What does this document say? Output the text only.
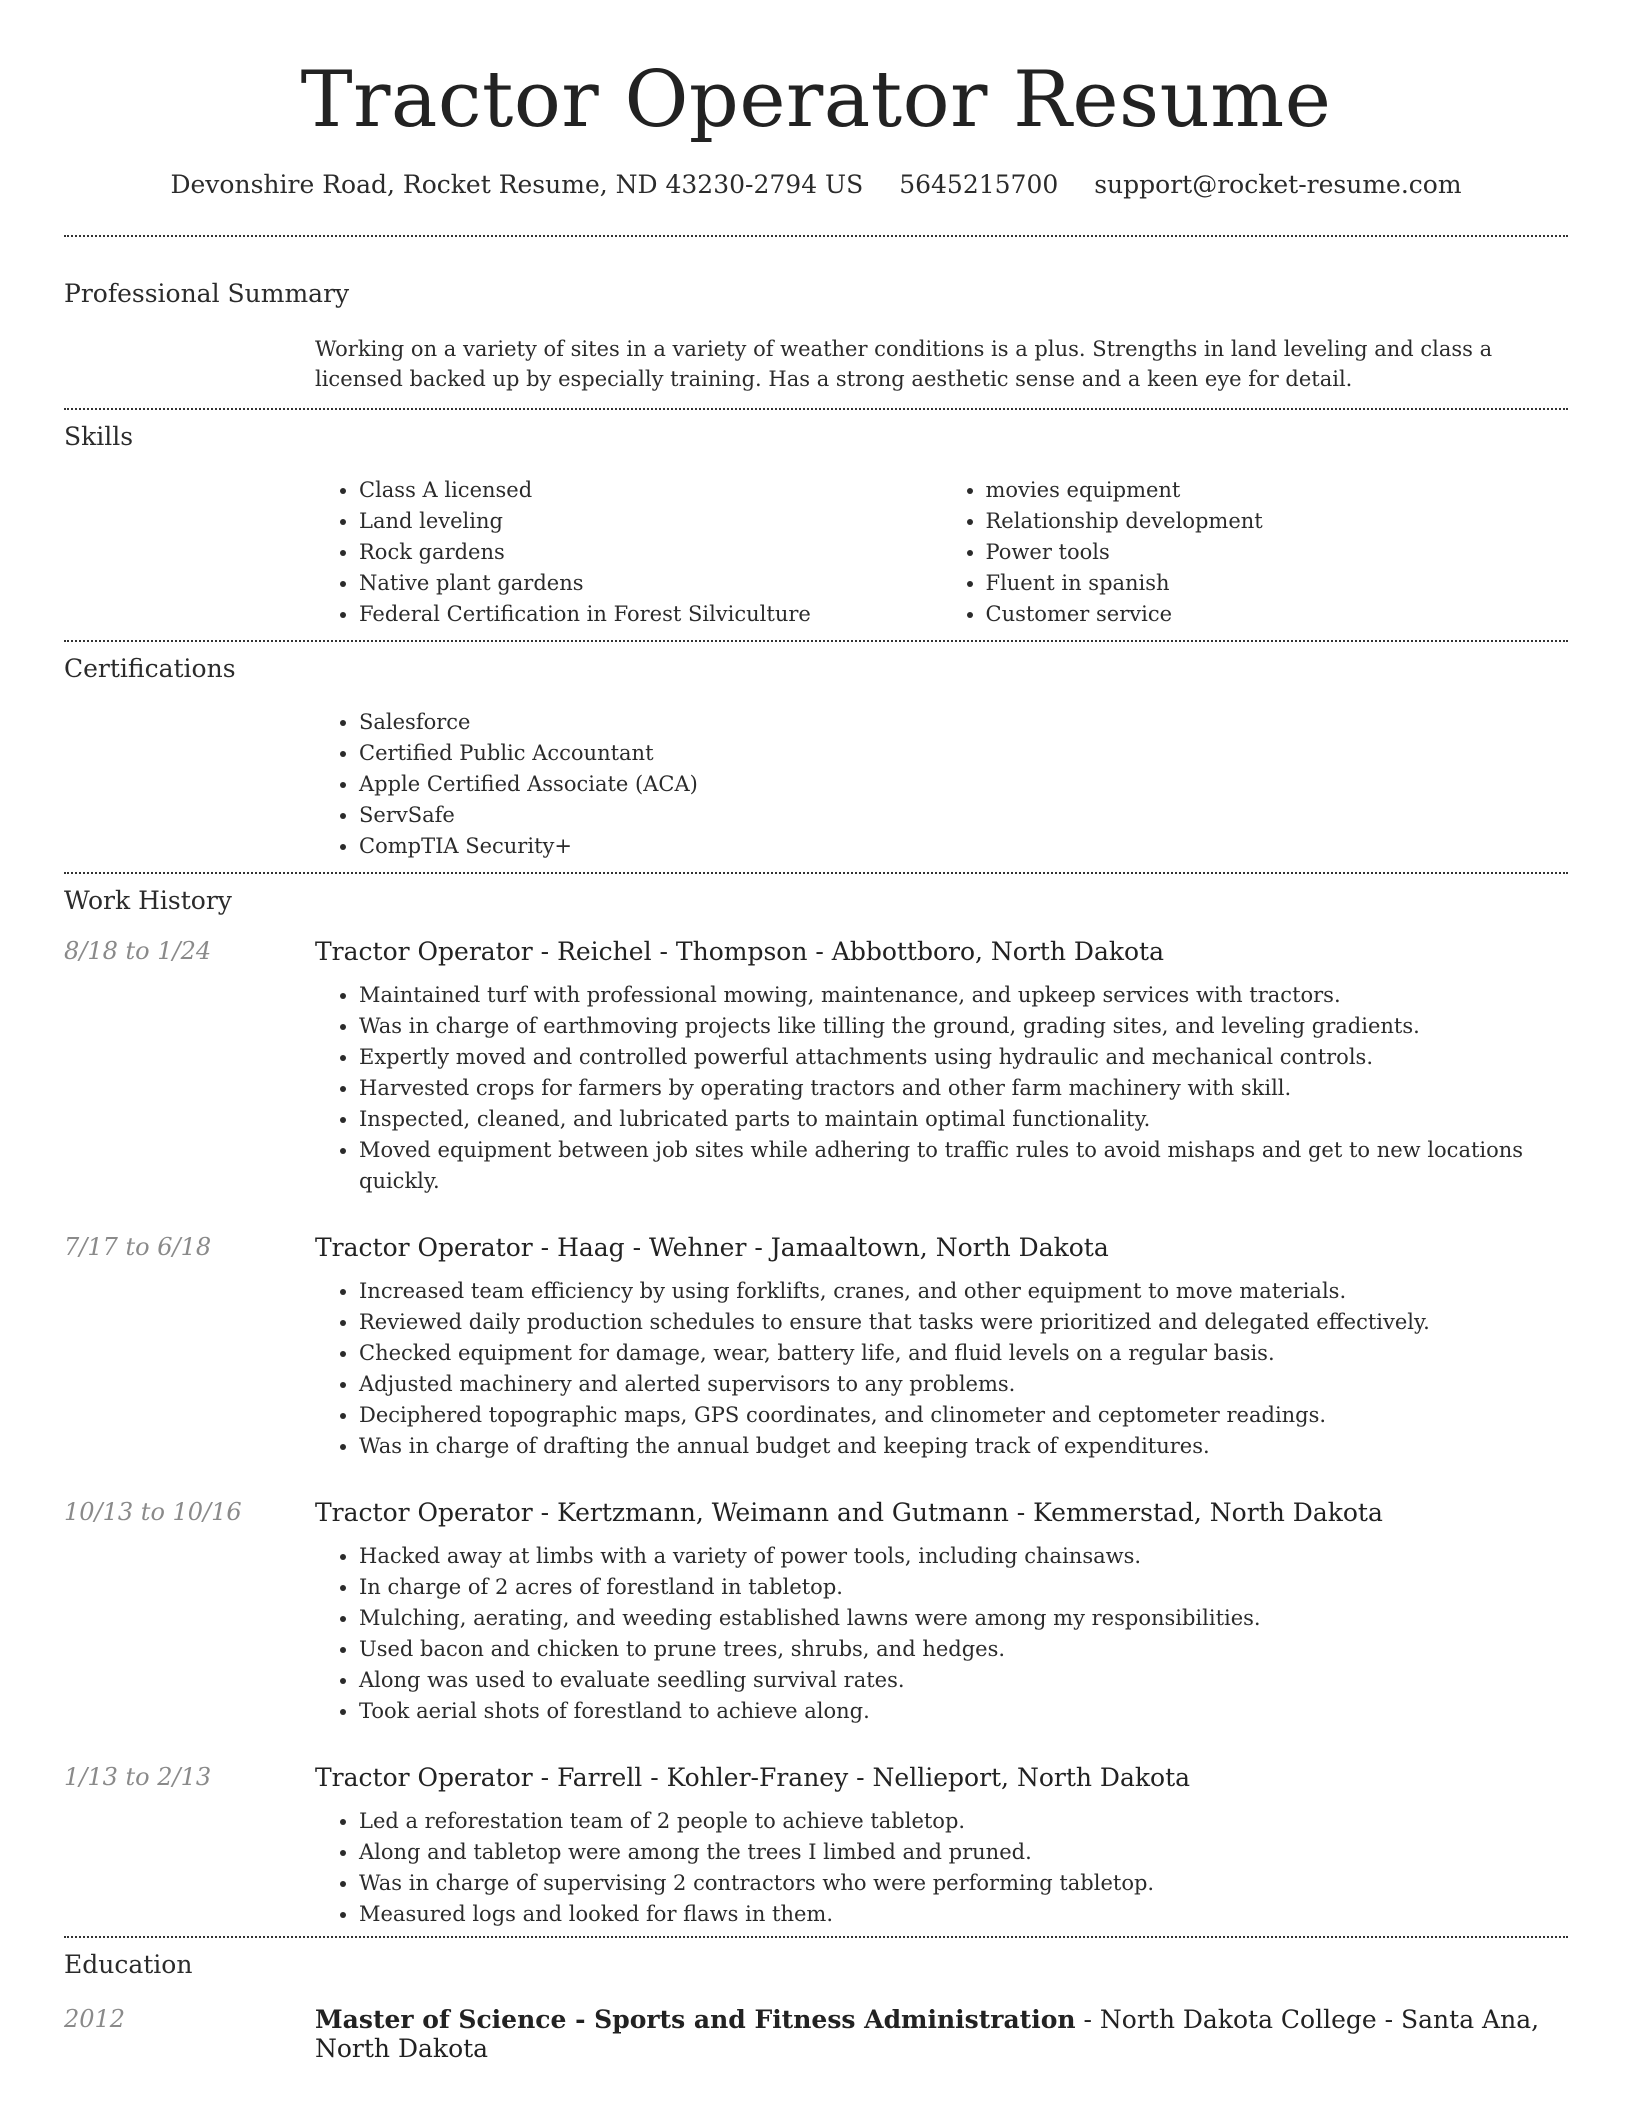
Tractor Operator Resume
Devonshire Road, Rocket Resume, ND 43230-2794 US 5645215700 support@rocket-resume.com
Professional Summary
Working on a variety of sites in a variety of weather conditions is a plus. Strengths in land leveling and class a licensed backed up by especially training. Has a strong aesthetic sense and a keen eye for detail.
Skills
• Class A licensed
• Land leveling
• Rock gardens
• Native plant gardens
• Federal Certification in Forest Silviculture
• movies equipment
• Relationship development
• Power tools
• Fluent in spanish
• Customer service
Certifications
• Salesforce
• Certified Public Accountant
• Apple Certified Associate (ACA)
• ServSafe
• CompTIA Security+
Work History
8/18 to 1/24	Tractor Operator - Reichel - Thompson - Abbottboro, North Dakota
• Maintained turf with professional mowing, maintenance, and upkeep services with tractors.
• Was in charge of earthmoving projects like tilling the ground, grading sites, and leveling gradients.
• Expertly moved and controlled powerful attachments using hydraulic and mechanical controls.
• Harvested crops for farmers by operating tractors and other farm machinery with skill.
• Inspected, cleaned, and lubricated parts to maintain optimal functionality.
• Moved equipment between job sites while adhering to traffic rules to avoid mishaps and get to new locations quickly.
7/17 to 6/18	Tractor Operator - Haag - Wehner - Jamaaltown, North Dakota
• Increased team efficiency by using forklifts, cranes, and other equipment to move materials.
• Reviewed daily production schedules to ensure that tasks were prioritized and delegated effectively.
• Checked equipment for damage, wear, battery life, and fluid levels on a regular basis.
• Adjusted machinery and alerted supervisors to any problems.
• Deciphered topographic maps, GPS coordinates, and clinometer and ceptometer readings.
• Was in charge of drafting the annual budget and keeping track of expenditures.
10/13 to 10/16	Tractor Operator - Kertzmann, Weimann and Gutmann - Kemmerstad, North Dakota
• Hacked away at limbs with a variety of power tools, including chainsaws.
• In charge of 2 acres of forestland in tabletop.
• Mulching, aerating, and weeding established lawns were among my responsibilities.
• Used bacon and chicken to prune trees, shrubs, and hedges.
• Along was used to evaluate seedling survival rates.
• Took aerial shots of forestland to achieve along.
1/13 to 2/13	Tractor Operator - Farrell - Kohler-Franey - Nellieport, North Dakota
• Led a reforestation team of 2 people to achieve tabletop.
• Along and tabletop were among the trees I limbed and pruned.
• Was in charge of supervising 2 contractors who were performing tabletop.
• Measured logs and looked for flaws in them.
Education
2012	Master of Science - Sports and Fitness Administration - North Dakota College - Santa Ana, North Dakota
